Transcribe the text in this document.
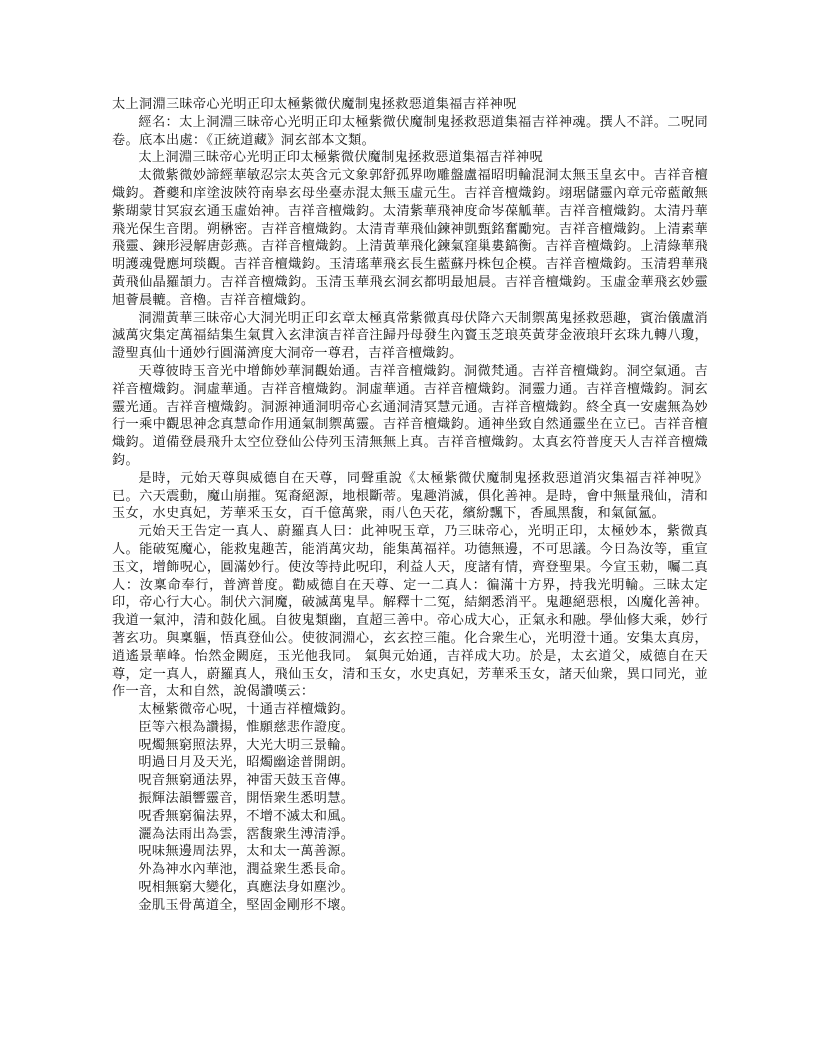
太上洞淵三昧帝心光明正印太極紫微伏魔制鬼拯救惡道集福吉祥神呪

經名：太上洞淵三昧帝心光明正印太極紫微伏魔制鬼拯救惡道集福吉祥神魂。撰人不詳。二呪同卷。底本出處：《正統道藏》洞玄部本文類。

太上洞淵三昧帝心光明正印太極紫微伏魔制鬼拯救惡道集福吉祥神呪

太微紫微妙諦經華敏忍宗太英含元文象郭舒孤界吻雕盤盧福昭明輪混洞太無玉皇玄中。吉祥音檀熾鈞。蒼夔和庠塗波陝符南皋玄母坐臺赤混太無玉虛元生。吉祥音檀熾鈞。翊琚儲靈內章元帝藍敵無紫瑚蒙甘冥寂玄通玉虛始神。吉祥音檀熾鈞。太清紫華飛神度命岑葆觚華。吉祥音檀熾鈞。太清丹華飛光保生音閉。朔楙密。吉祥音檀熾鈞。太清青華飛仙鍊神凱甄銘奮勵宛。吉祥音檀熾鈞。上清素華飛靈、鍊形浸解唐彭燕。吉祥音檀熾鈞。上清黃華飛化鍊氣窪巢婁鎬衡。吉祥音檀熾鈞。上清綠華飛明護魂覺應坷琰觀。吉祥音檀熾鈞。玉清瑤華飛玄長生藍蘇丹株包企模。吉祥音檀熾鈞。玉清碧華飛黃飛仙晶羅頡力。吉祥音檀熾鈞。玉清玉華飛玄洞玄都明最旭晨。吉祥音檀熾鈞。玉虛金華飛玄妙靈旭薈晨轆。音櫓。吉祥音檀熾鈞。

洞淵黃華三昧帝心大洞光明正印玄章太極真常紫微真母伏降六天制禦萬鬼拯救惡趣，賓治儀盧消滅萬灾集定萬福結集生氣貫入玄津演吉祥音注歸丹母發生內竇玉芝琅英黃芽金液琅玕玄珠九轉八瓊，證聖真仙十通妙行圓滿濟度大洞帝一尊君，吉祥音檀熾鈞。

天尊彼時玉音光中增飾妙華洞觀始通。吉祥音檀熾鈞。洞微梵通。吉祥音檀熾鈞。洞空氣通。吉祥音檀熾鈞。洞虛華通。吉祥音檀熾鈞。洞虛華通。吉祥音檀熾鈞。洞靈力通。吉祥音檀熾鈞。洞玄靈光通。吉祥音檀熾鈞。洞源神通洞明帝心玄通洞清冥慧元通。吉祥音檀熾鈞。終全真一安處無為妙行一乘中觀思神念真慧命作用通氣制禦萬靈。吉祥音檀熾鈞。通神坐致自然通靈坐在立已。吉祥音檀熾鈞。道備登晨飛升太空位登仙公侍列玉清無無上真。吉祥音檀熾鈞。太真玄符普度天人吉祥音檀熾鈞。

是時，元始天尊與威德自在天尊，同聲重說《太極紫微伏魔制鬼拯救惡道消灾集福吉祥神呪》已。六天震動，魔山崩摧。冤裔絕源，地根斷蒂。鬼趣消滅，俱化善神。是時，會中無量飛仙，清和玉女，水史真妃，芳華釆玉女，百千億萬衆，雨八色天花，繽紛飄下，香風黑馥，和氣氤氳。

元始天王告定一真人、蔚羅真人曰：此神呪玉章，乃三昧帝心，光明正印，太極妙本，紫微真人。能破冤魔心，能救鬼趣苦，能消萬灾劫，能集萬福祥。功德無邊，不可思議。今日為汝等，重宣玉文，增飾呪心，圓滿妙行。使汝等持此呪印，利益人天，度諸有情，齊登聖果。今宣玉勅，囑二真人：汝稟命奉行，普濟普度。勸威德自在天尊、定一二真人：徧滿十方界，持我光明輪。三昧太定印，帝心行大心。制伏六洞魔，破滅萬鬼旱。解釋十二冤，結網悉消平。鬼趣絕惡根，凶魔化善神。我道一氣沖，清和鼓化風。自彼鬼類幽，直超三善中。帝心成大心，正氣永和融。學仙修大乘，妙行著玄功。與稟軀，悟真登仙公。使彼洞淵心，玄玄控三龍。化合衆生心，光明澄十通。安集太真房，逍遙景華峰。怡然金闕庭，玉光他我同。 氣與元始通，吉祥成大功。於是，太玄道父，威德自在天尊，定一真人，蔚羅真人，飛仙玉女，清和玉女，水史真妃，芳華釆玉女，諸天仙衆，異口同光，並作一音，太和自然，說偈讚嘆云：

太極紫微帝心呪，十通吉祥檀熾鈞。

臣等六根為讚揚，惟願慈悲作證度。

呪燭無窮照法界，大光大明三景輪。

明過日月及天光，昭燭幽途普開朗。

呪音無窮通法界，神雷天鼓玉音傳。

振輝法韻響靈音，開悟衆生悉明慧。

呪香無窮徧法界，不增不滅太和風。

灑為法雨出為雲，霑馥衆生溥清淨。

呪味無邊周法界，太和太一萬善源。

外為神水內華池，潤益衆生悉長命。

呪相無窮大變化，真應法身如塵沙。

金肌玉骨萬道全，堅固金剛形不壞。
